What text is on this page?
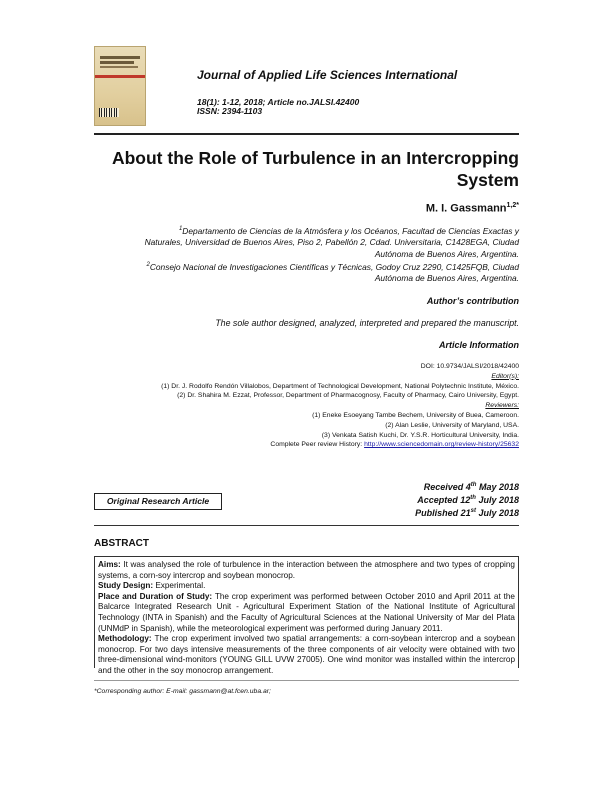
Journal of Applied Life Sciences International
18(1): 1-12, 2018; Article no.JALSI.42400
ISSN: 2394-1103
About the Role of Turbulence in an Intercropping
System
M. I. Gassmann$^{1,2*}$
$^1$Departamento de Ciencias de la Atmósfera y los Océanos, Facultad de Ciencias Exactas y
Naturales, Universidad de Buenos Aires, Piso 2, Pabellón 2, Cdad. Universitaria, C1428EGA, Ciudad
Autónoma de Buenos Aires, Argentina.
$^2$Consejo Nacional de Investigaciones Científicas y Técnicas, Godoy Cruz 2290, C1425FQB, Ciudad
Autónoma de Buenos Aires, Argentina.
Author’s contribution
The sole author designed, analyzed, interpreted and prepared the manuscript.
Article Information
DOI: 10.9734/JALSI/2018/42400
Editor(s):
(1) Dr. J. Rodolfo Rendón Villalobos, Department of Technological Development, National Polytechnic Institute, México.
(2) Dr. Shahira M. Ezzat, Professor, Department of Pharmacognosy, Faculty of Pharmacy, Cairo University, Egypt.
Reviewers:
(1) Eneke Esoeyang Tambe Bechem, University of Buea, Cameroon.
(2) Alan Leslie, University of Maryland, USA.
(3) Venkata Satish Kuchi, Dr. Y.S.R. Horticultural University, India.
Complete Peer review History: http://www.sciencedomain.org/review-history/25632
Received 4th May 2018
Accepted 12th July 2018
Published 21st July 2018
Original Research Article
ABSTRACT

Aims: It was analysed the role of turbulence in the interaction between the atmosphere and two types of cropping systems, a corn-soy intercrop and soybean monocrop.

Study Design: Experimental.

Place and Duration of Study: The crop experiment was performed between October 2010 and April 2011 at the Balcarce Integrated Research Unit - Agricultural Experiment Station of the National Institute of Agricultural Technology (INTA in Spanish) and the Faculty of Agricultural Sciences at the National University of Mar del Plata (UNMdP in Spanish), while the meteorological experiment was performed during January 2011.

Methodology: The crop experiment involved two spatial arrangements: a corn-soybean intercrop and a soybean monocrop. For two days intensive measurements of the three components of air velocity were obtained with two three-dimensional wind-monitors (YOUNG GILL UVW 27005). One wind monitor was installed within the intercrop and the other in the soy monocrop arrangement.

*Corresponding author: E-mail: gassmann@at.fcen.uba.ar;
